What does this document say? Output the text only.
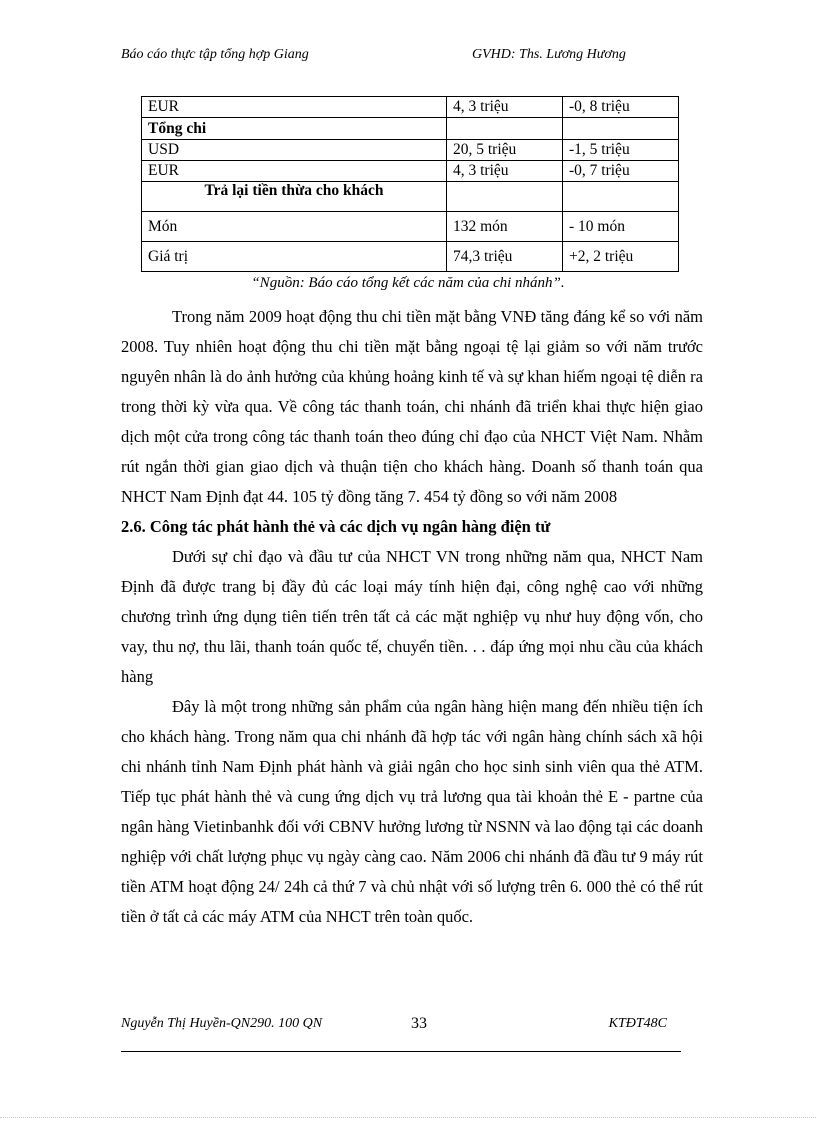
Báo cáo thực tập tổng hợp Giang	GVHD: Ths. Lương Hương
EUR	4, 3 triệu	-0, 8 triệu
Tổng chi		
USD	20, 5 triệu	-1, 5 triệu
EUR	4, 3 triệu	-0, 7 triệu
Trả lại tiền thừa cho khách		
Món	132 món	- 10 món
Giá trị	74,3 triệu	+2, 2 triệu
“Nguồn: Báo cáo tổng kết các năm của chi nhánh”.

Trong năm 2009 hoạt động thu chi tiền mặt bằng VNĐ tăng đáng kể so với năm 2008. Tuy nhiên hoạt động thu chi tiền mặt bằng ngoại tệ lại giảm so với năm trước nguyên nhân là do ảnh hưởng của khủng hoảng kinh tế và sự khan hiếm ngoại tệ diễn ra trong thời kỳ vừa qua. Về công tác thanh toán, chi nhánh đã triển khai thực hiện giao dịch một cửa trong công tác thanh toán theo đúng chỉ đạo của NHCT Việt Nam. Nhằm rút ngắn thời gian giao dịch và thuận tiện cho khách hàng. Doanh số thanh toán qua NHCT Nam Định đạt 44. 105 tỷ đồng tăng 7. 454 tỷ đồng so với năm 2008

2.6. Công tác phát hành thẻ và các dịch vụ ngân hàng điện tử

Dưới sự chỉ đạo và đầu tư của NHCT VN trong những năm qua, NHCT Nam Định đã được trang bị đầy đủ các loại máy tính hiện đại, công nghệ cao với những chương trình ứng dụng tiên tiến trên tất cả các mặt nghiệp vụ như huy động vốn, cho vay, thu nợ, thu lãi, thanh toán quốc tế, chuyển tiền. . . đáp ứng mọi nhu cầu của khách hàng

Đây là một trong những sản phẩm của ngân hàng hiện mang đến nhiều tiện ích cho khách hàng. Trong năm qua chi nhánh đã hợp tác với ngân hàng chính sách xã hội chi nhánh tỉnh Nam Định phát hành và giải ngân cho học sinh sinh viên qua thẻ ATM. Tiếp tục phát hành thẻ và cung ứng dịch vụ trả lương qua tài khoản thẻ E - partne của ngân hàng Vietinbanhk đối với CBNV hưởng lương từ NSNN và lao động tại các doanh nghiệp với chất lượng phục vụ ngày càng cao. Năm 2006 chi nhánh đã đầu tư 9 máy rút tiền ATM hoạt động 24/ 24h cả thứ 7 và chủ nhật với số lượng trên 6. 000 thẻ có thể rút tiền ở tất cả các máy ATM của NHCT trên toàn quốc.

Nguyễn Thị Huyền-QN290. 100 QN	33	KTĐT48C
